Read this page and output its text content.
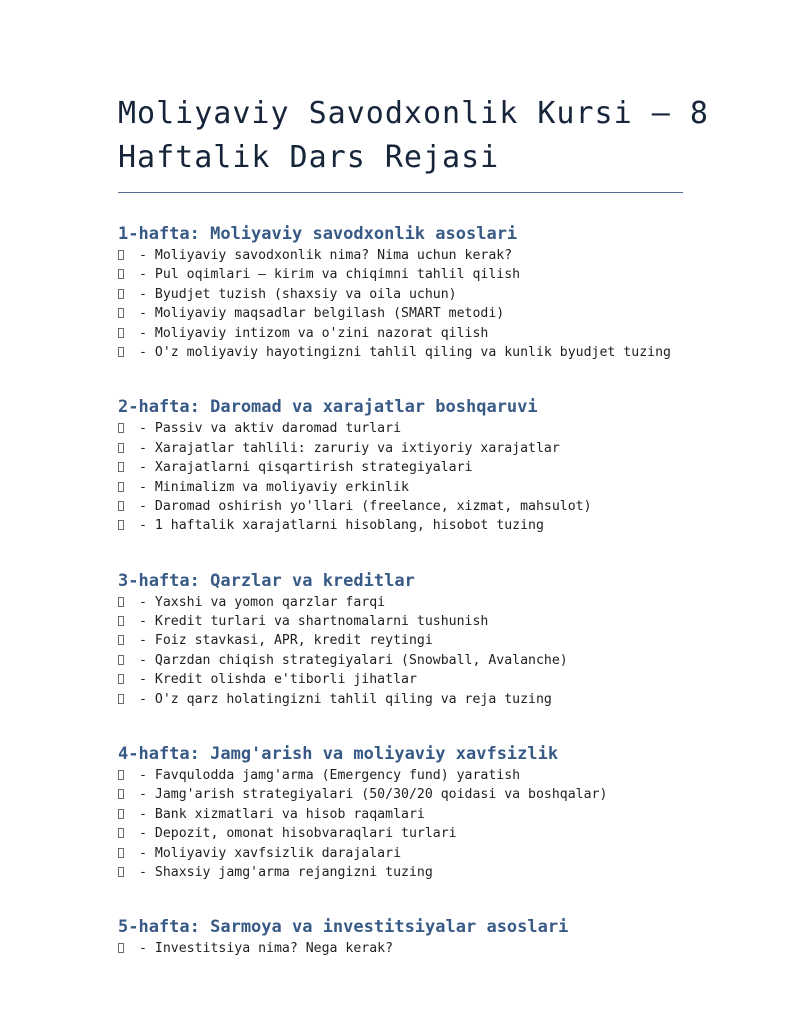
Moliyaviy Savodxonlik Kursi – 8 Haftalik Dars Rejasi
1-hafta: Moliyaviy savodxonlik asoslari
- Moliyaviy savodxonlik nima? Nima uchun kerak?
- Pul oqimlari – kirim va chiqimni tahlil qilish
- Byudjet tuzish (shaxsiy va oila uchun)
- Moliyaviy maqsadlar belgilash (SMART metodi)
- Moliyaviy intizom va o'zini nazorat qilish
- O'z moliyaviy hayotingizni tahlil qiling va kunlik byudjet tuzing
2-hafta: Daromad va xarajatlar boshqaruvi
- Passiv va aktiv daromad turlari
- Xarajatlar tahlili: zaruriy va ixtiyoriy xarajatlar
- Xarajatlarni qisqartirish strategiyalari
- Minimalizm va moliyaviy erkinlik
- Daromad oshirish yo'llari (freelance, xizmat, mahsulot)
- 1 haftalik xarajatlarni hisoblang, hisobot tuzing
3-hafta: Qarzlar va kreditlar
- Yaxshi va yomon qarzlar farqi
- Kredit turlari va shartnomalarni tushunish
- Foiz stavkasi, APR, kredit reytingi
- Qarzdan chiqish strategiyalari (Snowball, Avalanche)
- Kredit olishda e'tiborli jihatlar
- O'z qarz holatingizni tahlil qiling va reja tuzing
4-hafta: Jamg'arish va moliyaviy xavfsizlik
- Favqulodda jamg'arma (Emergency fund) yaratish
- Jamg'arish strategiyalari (50/30/20 qoidasi va boshqalar)
- Bank xizmatlari va hisob raqamlari
- Depozit, omonat hisobvaraqlari turlari
- Moliyaviy xavfsizlik darajalari
- Shaxsiy jamg'arma rejangizni tuzing
5-hafta: Sarmoya va investitsiyalar asoslari
- Investitsiya nima? Nega kerak?
